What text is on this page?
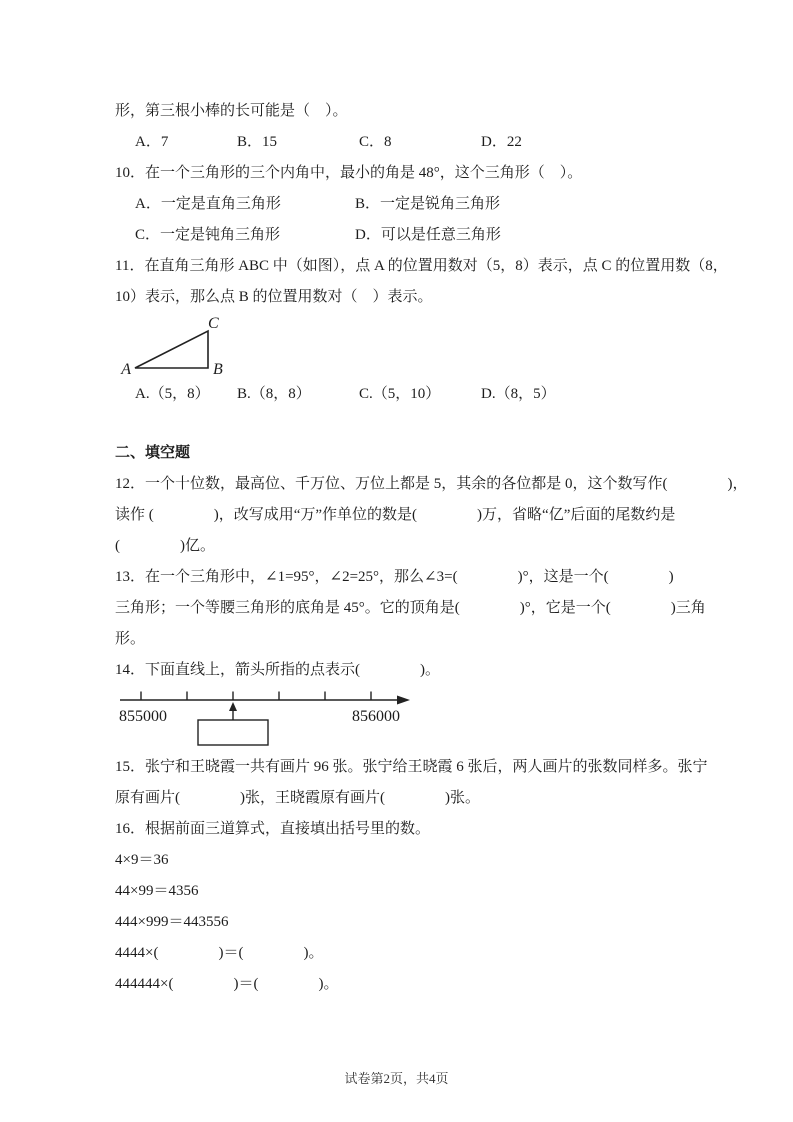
形，第三根小棒的长可能是（　）。

A．7	B．15	C．8	D．22

10．在一个三角形的三个内角中，最小的角是 48°，这个三角形（　）。

A．一定是直角三角形	B．一定是锐角三角形
C．一定是钝角三角形	D．可以是任意三角形

11．在直角三角形 ABC 中（如图），点 A 的位置用数对（5，8）表示，点 C 的位置用数（8，

10）表示，那么点 B 的位置用数对（　）表示。

A	B
C
A.（5，8）	B.（8，8）	C.（5，10）	D.（8，5）

二、填空题

12．一个十位数，最高位、千万位、万位上都是 5，其余的各位都是 0，这个数写作(　　　　)，

读作 (　　　　)，改写成用“万”作单位的数是(　　　　)万，省略“亿”后面的尾数约是

(　　　　)亿。

13．在一个三角形中，∠1=95°，∠2=25°，那么∠3=(　　　　)°，这是一个(　　　　)

三角形；一个等腰三角形的底角是 45°。它的顶角是(　　　　)°，它是一个(　　　　)三角

形。

14．下面直线上，箭头所指的点表示(　　　　)。

855000	856000

15．张宁和王晓霞一共有画片 96 张。张宁给王晓霞 6 张后，两人画片的张数同样多。张宁

原有画片(　　　　)张，王晓霞原有画片(　　　　)张。

16．根据前面三道算式，直接填出括号里的数。

4×9＝36

44×99＝4356

444×999＝443556

4444×(　　　　)＝(　　　　)。

444444×(　　　　)＝(　　　　)。

试卷第2页，共4页
